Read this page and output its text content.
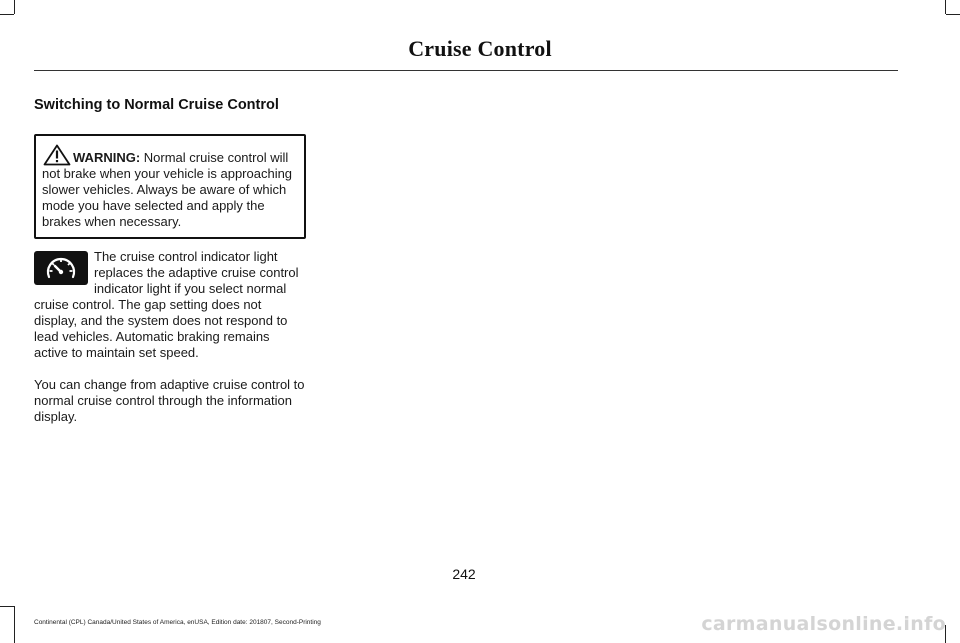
Cruise Control
Switching to Normal Cruise Control
WARNING: Normal cruise control will not brake when your vehicle is approaching slower vehicles. Always be aware of which mode you have selected and apply the brakes when necessary.
The cruise control indicator light replaces the adaptive cruise control indicator light if you select normal cruise control. The gap setting does not display, and the system does not respond to lead vehicles. Automatic braking remains active to maintain set speed.
You can change from adaptive cruise control to normal cruise control through the information display.
242
Continental (CPL) Canada/United States of America, enUSA, Edition date: 201807, Second-Printing	carmanualsonline.info
